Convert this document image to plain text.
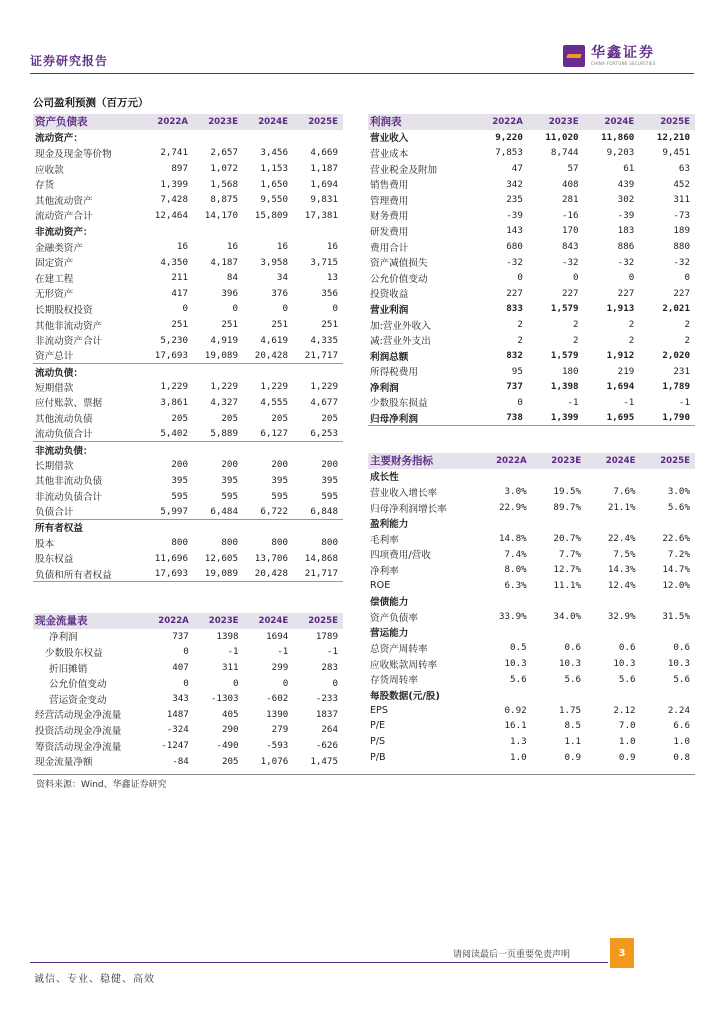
证券研究报告	华鑫证券
CHINA FORTUNE SECURITIES
公司盈利预测（百万元）
资产负债表	2022A	2023E	2024E	2025E
流动资产：				
现金及现金等价物	2,741	2,657	3,456	4,669
应收款	897	1,072	1,153	1,187
存货	1,399	1,568	1,650	1,694
其他流动资产	7,428	8,875	9,550	9,831
流动资产合计	12,464	14,170	15,809	17,381
非流动资产：				
金融类资产	16	16	16	16
固定资产	4,350	4,187	3,958	3,715
在建工程	211	84	34	13
无形资产	417	396	376	356
长期股权投资	0	0	0	0
其他非流动资产	251	251	251	251
非流动资产合计	5,230	4,919	4,619	4,335
资产总计	17,693	19,089	20,428	21,717
流动负债：				
短期借款	1,229	1,229	1,229	1,229
应付账款、票据	3,861	4,327	4,555	4,677
其他流动负债	205	205	205	205
流动负债合计	5,402	5,889	6,127	6,253
非流动负债：				
长期借款	200	200	200	200
其他非流动负债	395	395	395	395
非流动负债合计	595	595	595	595
负债合计	5,997	6,484	6,722	6,848
所有者权益				
股本	800	800	800	800
股东权益	11,696	12,605	13,706	14,868
负债和所有者权益	17,693	19,089	20,428	21,717
现金流量表	2022A	2023E	2024E	2025E
净利润	737	1398	1694	1789
少数股东权益	0	-1	-1	-1
折旧摊销	407	311	299	283
公允价值变动	0	0	0	0
营运资金变动	343	-1303	-602	-233
经营活动现金净流量	1487	405	1390	1837
投资活动现金净流量	-324	290	279	264
筹资活动现金净流量	-1247	-490	-593	-626
现金流量净额	-84	205	1,076	1,475
利润表	2022A	2023E	2024E	2025E
营业收入	9,220	11,020	11,860	12,210
营业成本	7,853	8,744	9,203	9,451
营业税金及附加	47	57	61	63
销售费用	342	408	439	452
管理费用	235	281	302	311
财务费用	-39	-16	-39	-73
研发费用	143	170	183	189
费用合计	680	843	886	880
资产减值损失	-32	-32	-32	-32
公允价值变动	0	0	0	0
投资收益	227	227	227	227
营业利润	833	1,579	1,913	2,021
加:营业外收入	2	2	2	2
减:营业外支出	2	2	2	2
利润总额	832	1,579	1,912	2,020
所得税费用	95	180	219	231
净利润	737	1,398	1,694	1,789
少数股东损益	0	-1	-1	-1
归母净利润	738	1,399	1,695	1,790
主要财务指标	2022A	2023E	2024E	2025E
成长性				
营业收入增长率	3.0%	19.5%	7.6%	3.0%
归母净利润增长率	22.9%	89.7%	21.1%	5.6%
盈利能力				
毛利率	14.8%	20.7%	22.4%	22.6%
四项费用/营收	7.4%	7.7%	7.5%	7.2%
净利率	8.0%	12.7%	14.3%	14.7%
ROE	6.3%	11.1%	12.4%	12.0%
偿债能力				
资产负债率	33.9%	34.0%	32.9%	31.5%
营运能力				
总资产周转率	0.5	0.6	0.6	0.6
应收账款周转率	10.3	10.3	10.3	10.3
存货周转率	5.6	5.6	5.6	5.6
每股数据(元/股)				
EPS	0.92	1.75	2.12	2.24
P/E	16.1	8.5	7.0	6.6
P/S	1.3	1.1	1.0	1.0
P/B	1.0	0.9	0.9	0.8
资料来源：Wind、华鑫证券研究
请阅读最后一页重要免责声明	3
诚信、专业、稳健、高效
